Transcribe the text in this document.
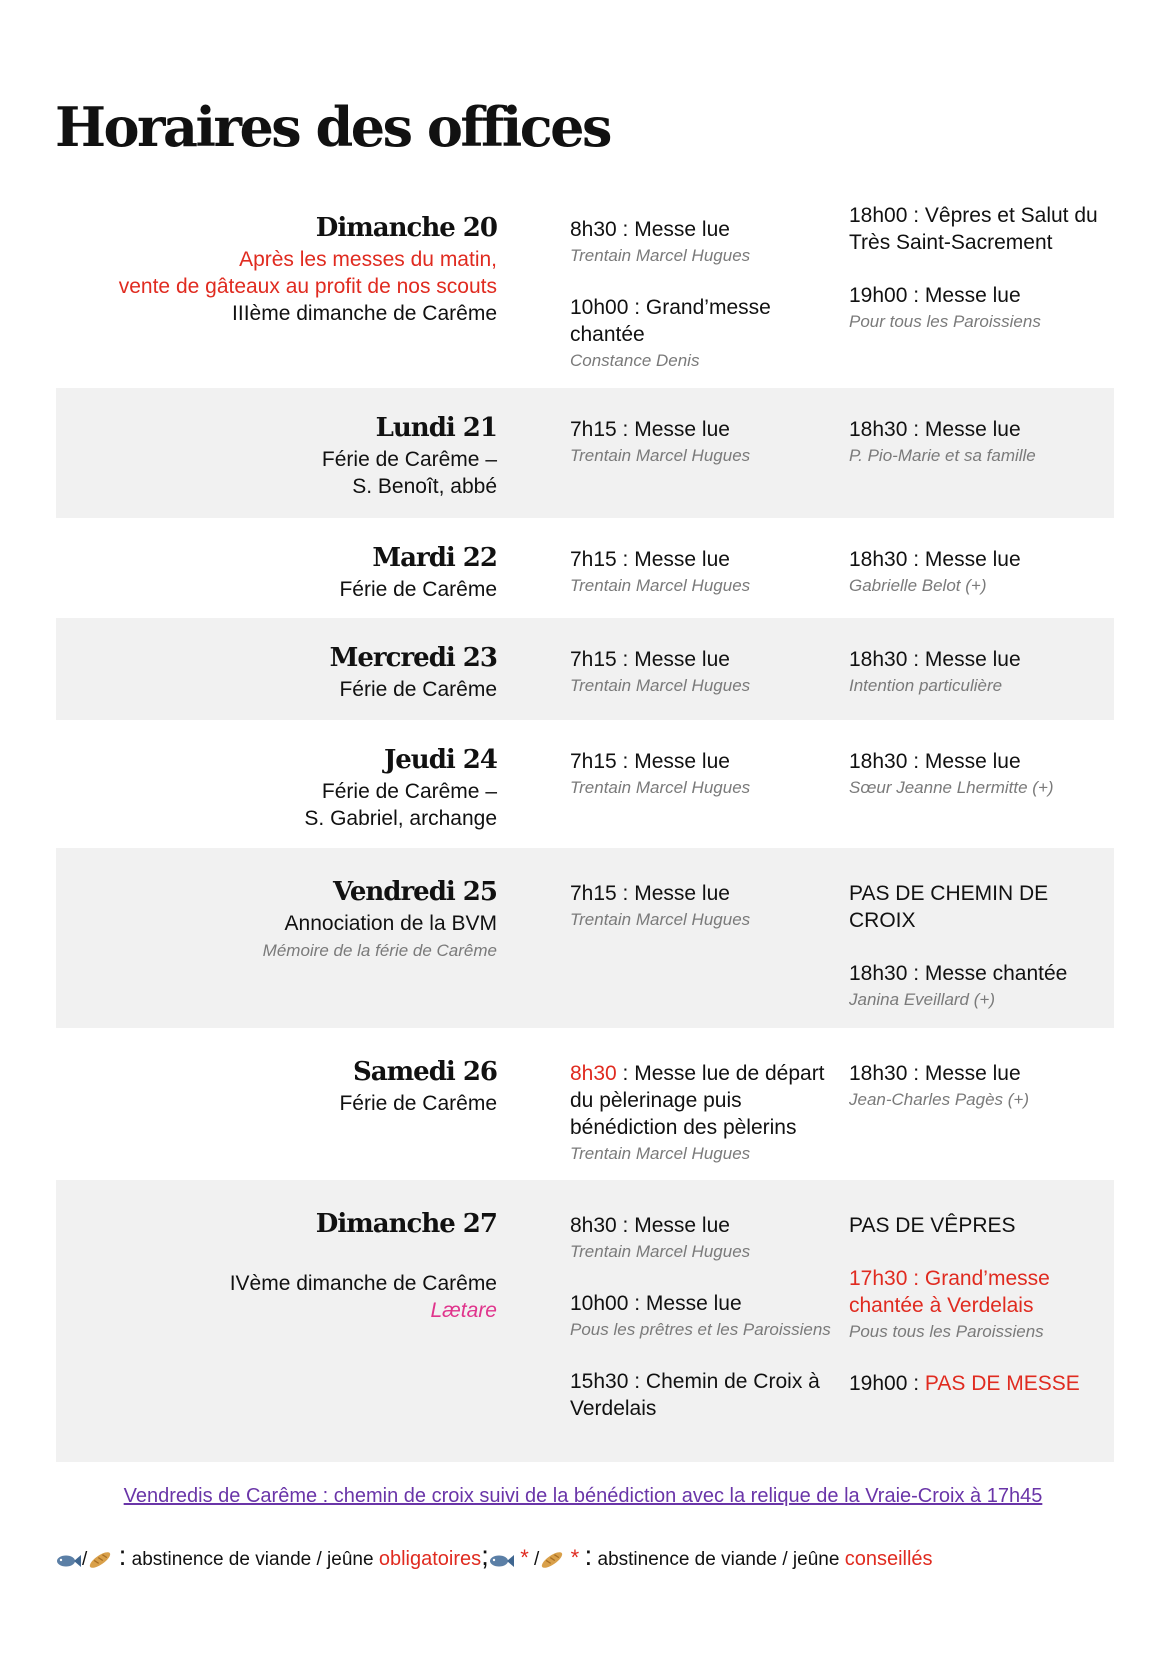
Horaires des offices
Dimanche 20
Après les messes du matin,
vente de gâteaux au profit de nos scouts
IIIème dimanche de Carême
8h30 : Messe lue
Trentain Marcel Hugues
10h00 : Grand’messe chantée
Constance Denis
18h00 : Vêpres et Salut du Très Saint-Sacrement
19h00 : Messe lue
Pour tous les Paroissiens
Lundi 21
Férie de Carême –
S. Benoît, abbé
7h15 : Messe lue
Trentain Marcel Hugues
18h30 : Messe lue
P. Pio-Marie et sa famille
Mardi 22
Férie de Carême
7h15 : Messe lue
Trentain Marcel Hugues
18h30 : Messe lue
Gabrielle Belot (+)
Mercredi 23
Férie de Carême
7h15 : Messe lue
Trentain Marcel Hugues
18h30 : Messe lue
Intention particulière
Jeudi 24
Férie de Carême –
S. Gabriel, archange
7h15 : Messe lue
Trentain Marcel Hugues
18h30 : Messe lue
Sœur Jeanne Lhermitte (+)
Vendredi 25
Annociation de la BVM
Mémoire de la férie de Carême
7h15 : Messe lue
Trentain Marcel Hugues
PAS DE CHEMIN DE CROIX
18h30 : Messe chantée
Janina Eveillard (+)
Samedi 26
Férie de Carême
8h30 : Messe lue de départ du pèlerinage puis bénédiction des pèlerins
Trentain Marcel Hugues
18h30 : Messe lue
Jean-Charles Pagès (+)
Dimanche 27
IVème dimanche de Carême
Lætare
8h30 : Messe lue
Trentain Marcel Hugues
10h00 : Messe lue
Pous les prêtres et les Paroissiens
15h30 : Chemin de Croix à Verdelais
PAS DE VÊPRES
17h30 : Grand’messe chantée à Verdelais
Pous tous les Paroissiens
19h00 : PAS DE MESSE
Vendredis de Carême : chemin de croix suivi de la bénédiction avec la relique de la Vraie-Croix à 17h45
/ : abstinence de viande / jeûne obligatoires; * / * : abstinence de viande / jeûne conseillés
